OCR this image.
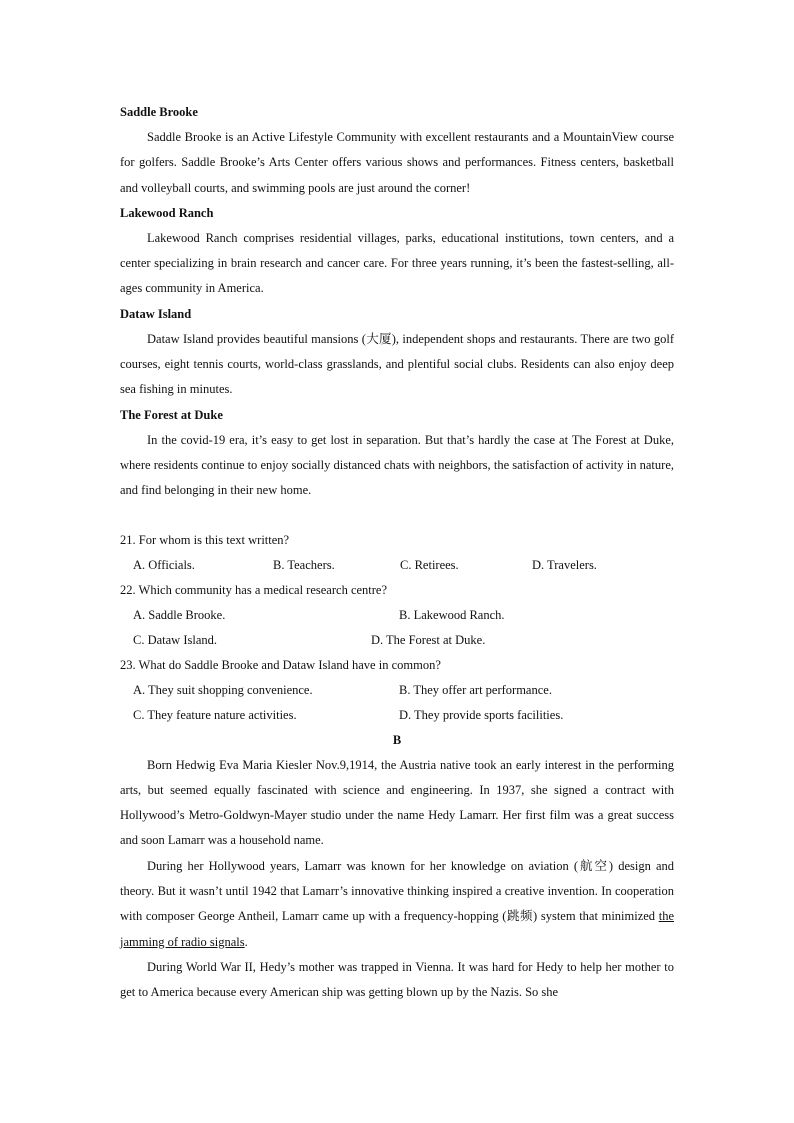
Saddle Brooke

Saddle Brooke is an Active Lifestyle Community with excellent restaurants and a MountainView course for golfers. Saddle Brooke’s Arts Center offers various shows and performances. Fitness centers, basketball and volleyball courts, and swimming pools are just around the corner!

Lakewood Ranch

Lakewood Ranch comprises residential villages, parks, educational institutions, town centers, and a center specializing in brain research and cancer care. For three years running, it’s been the fastest-selling, all-ages community in America.

Dataw Island

Dataw Island provides beautiful mansions (大厦), independent shops and restaurants. There are two golf courses, eight tennis courts, world-class grasslands, and plentiful social clubs. Residents can also enjoy deep sea fishing in minutes.

The Forest at Duke

In the covid-19 era, it’s easy to get lost in separation. But that’s hardly the case at The Forest at Duke, where residents continue to enjoy socially distanced chats with neighbors, the satisfaction of activity in nature, and find belonging in their new home.

21. For whom is this text written?
A. Officials.	B. Teachers.	C. Retirees.	D. Travelers.
22. Which community has a medical research centre?
A. Saddle Brooke.	B. Lakewood Ranch.
C. Dataw Island.	D. The Forest at Duke.
23. What do Saddle Brooke and Dataw Island have in common?
A. They suit shopping convenience.	B. They offer art performance.
C. They feature nature activities.	D. They provide sports facilities.
B

Born Hedwig Eva Maria Kiesler Nov.9,1914, the Austria native took an early interest in the performing arts, but seemed equally fascinated with science and engineering. In 1937, she signed a contract with Hollywood’s Metro-Goldwyn-Mayer studio under the name Hedy Lamarr. Her first film was a great success and soon Lamarr was a household name.

During her Hollywood years, Lamarr was known for her knowledge on aviation (航空) design and theory. But it wasn’t until 1942 that Lamarr’s innovative thinking inspired a creative invention. In cooperation with composer George Antheil, Lamarr came up with a frequency-hopping (跳频) system that minimized the jamming of radio signals.

During World War II, Hedy’s mother was trapped in Vienna. It was hard for Hedy to help her mother to get to America because every American ship was getting blown up by the Nazis. So she
